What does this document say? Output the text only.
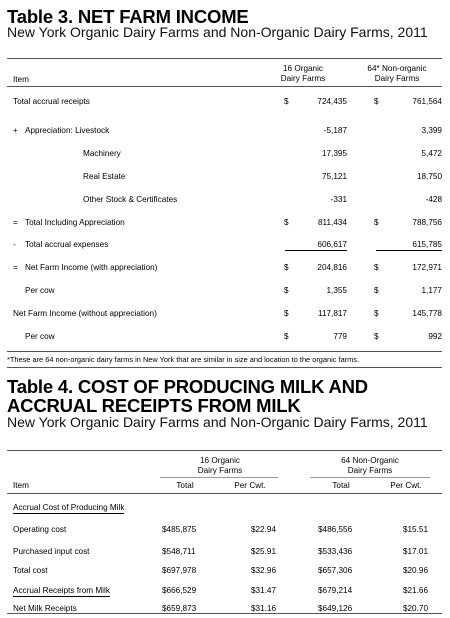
Table 3. NET FARM INCOME
New York Organic Dairy Farms and Non-Organic Dairy Farms, 2011
16 Organic
Dairy Farms
64* Non-organic
Dairy Farms
Item
Total accrual receipts	$	724,435	$	761,564
+ Appreciation: Livestock	-5,187	3,399
Machinery	17,395	5,472
Real Estate	75,121	18,750
Other Stock & Certificates	-331	-428
= Total Including Appreciation	$	811,434	$	788,756
- Total accrual expenses	606,617	615,785
= Net Farm Income (with appreciation)	$	204,816	$	172,971
Per cow	$	1,355	$	1,177
Net Farm Income (without appreciation)	$	117,817	$	145,778
Per cow	$	779	$	992
*These are 64 non-organic dairy farms in New York that are similar in size and location to the organic farms.
Table 4. COST OF PRODUCING MILK AND
ACCRUAL RECEIPTS FROM MILK
New York Organic Dairy Farms and Non-Organic Dairy Farms, 2011
16 Organic
Dairy Farms
64 Non-Organic
Dairy Farms
Item	Total	Per Cwt.	Total	Per Cwt.
Accrual Cost of Producing Milk
Operating cost	$485,875	$22.94	$486,556	$15.51
Purchased input cost	$548,711	$25.91	$533,436	$17.01
Total cost	$697,978	$32.96	$657,306	$20.96
Accrual Receipts from Milk	$666,529	$31.47	$679,214	$21.66
Net Milk Receipts	$659,873	$31.16	$649,126	$20.70
